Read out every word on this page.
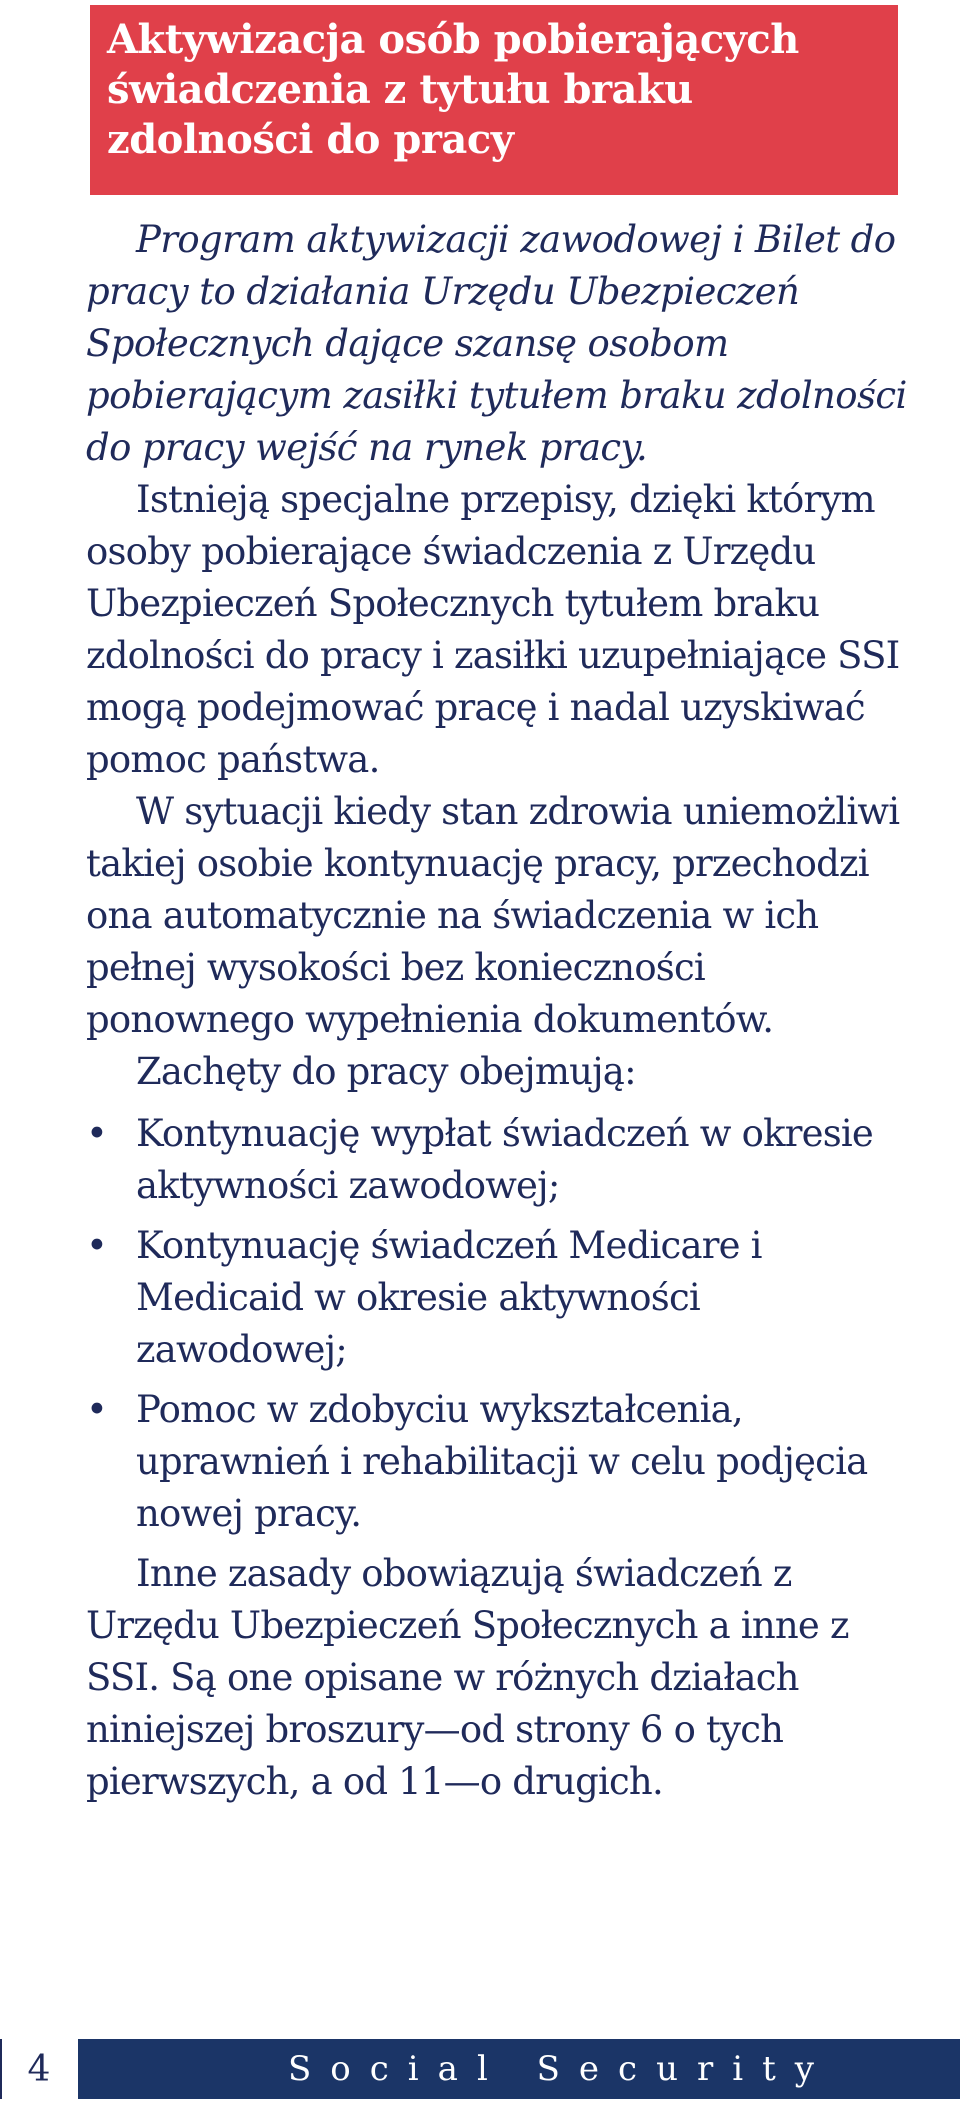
Aktywizacja osób pobierających świadczenia z tytułu braku zdolności do pracy

Program aktywizacji zawodowej i Bilet do pracy to działania Urzędu Ubezpieczeń Społecznych dające szansę osobom pobierającym zasiłki tytułem braku zdolności do pracy wejść na rynek pracy.

Istnieją specjalne przepisy, dzięki którym osoby pobierające świadczenia z Urzędu Ubezpieczeń Społecznych tytułem braku zdolności do pracy i zasiłki uzupełniające SSI mogą podejmować pracę i nadal uzyskiwać pomoc państwa.

W sytuacji kiedy stan zdrowia uniemożliwi takiej osobie kontynuację pracy, przechodzi ona automatycznie na świadczenia w ich pełnej wysokości bez konieczności ponownego wypełnienia dokumentów.

Zachęty do pracy obejmują:

• Kontynuację wypłat świadczeń w okresie aktywności zawodowej;
• Kontynuację świadczeń Medicare i Medicaid w okresie aktywności zawodowej;
• Pomoc w zdobyciu wykształcenia, uprawnień i rehabilitacji w celu podjęcia nowej pracy.

Inne zasady obowiązują świadczeń z Urzędu Ubezpieczeń Społecznych a inne z SSI. Są one opisane w różnych działach niniejszej broszury—od strony 6 o tych pierwszych, a od 11—o drugich.

4	Social Security
